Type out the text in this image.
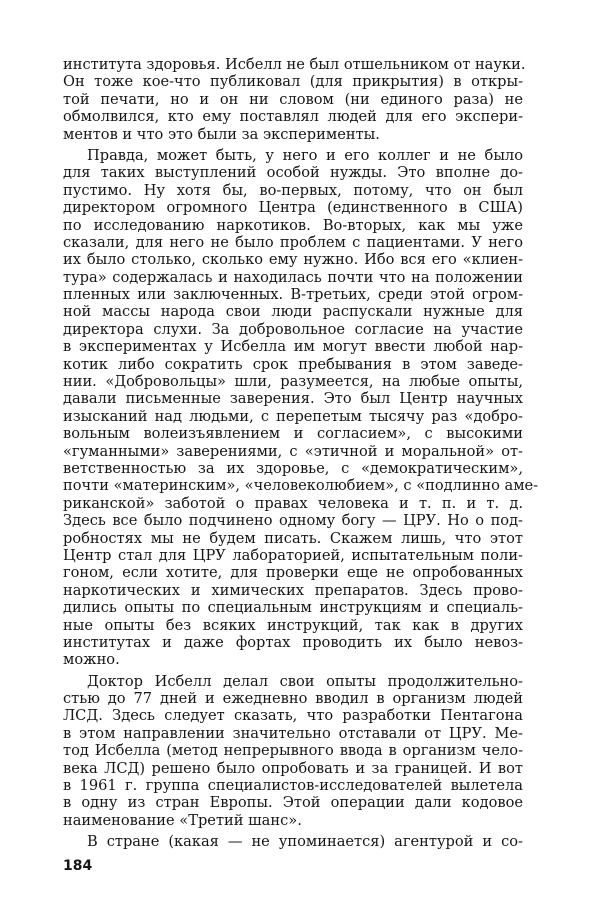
института здоровья. Исбелл не был отшельником от науки.
Он тоже кое-что публиковал (для прикрытия) в откры-
той печати, но и он ни словом (ни единого раза) не
обмолвился, кто ему поставлял людей для его экспери-
ментов и что это были за эксперименты.
Правда, может быть, у него и его коллег и не было
для таких выступлений особой нужды. Это вполне до-
пустимо. Ну хотя бы, во-первых, потому, что он был
директором огромного Центра (единственного в США)
по исследованию наркотиков. Во-вторых, как мы уже
сказали, для него не было проблем с пациентами. У него
их было столько, сколько ему нужно. Ибо вся его «клиен-
тура» содержалась и находилась почти что на положении
пленных или заключенных. В-третьих, среди этой огром-
ной массы народа свои люди распускали нужные для
директора слухи. За добровольное согласие на участие
в экспериментах у Исбелла им могут ввести любой нар-
котик либо сократить срок пребывания в этом заведе-
нии. «Добровольцы» шли, разумеется, на любые опыты,
давали письменные заверения. Это был Центр научных
изысканий над людьми, с перепетым тысячу раз «добро-
вольным волеизъявлением и согласием», с высокими
«гуманными» заверениями, с «этичной и моральной» от-
ветственностью за их здоровье, с «демократическим»,
почти «материнским», «человеколюбием», с «подлинно аме-
риканской» заботой о правах человека и т. п. и т. д.
Здесь все было подчинено одному богу — ЦРУ. Но о под-
робностях мы не будем писать. Скажем лишь, что этот
Центр стал для ЦРУ лабораторией, испытательным поли-
гоном, если хотите, для проверки еще не опробованных
наркотических и химических препаратов. Здесь прово-
дились опыты по специальным инструкциям и специаль-
ные опыты без всяких инструкций, так как в других
институтах и даже фортах проводить их было невоз-
можно.
Доктор Исбелл делал свои опыты продолжительно-
стью до 77 дней и ежедневно вводил в организм людей
ЛСД. Здесь следует сказать, что разработки Пентагона
в этом направлении значительно отставали от ЦРУ. Ме-
тод Исбелла (метод непрерывного ввода в организм чело-
века ЛСД) решено было опробовать и за границей. И вот
в 1961 г. группа специалистов-исследователей вылетела
в одну из стран Европы. Этой операции дали кодовое
наименование «Третий шанс».
В стране (какая — не упоминается) агентурой и со-
184
